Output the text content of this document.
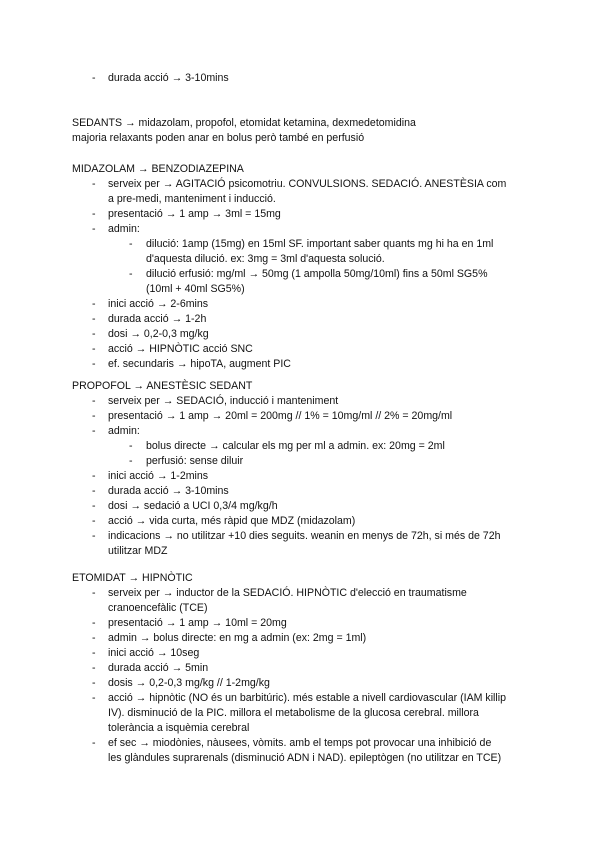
-	durada acció → 3-10mins
SEDANTS → midazolam, propofol, etomidat ketamina, dexmedetomidina
majoria relaxants poden anar en bolus però també en perfusió
MIDAZOLAM → BENZODIAZEPINA
-	serveix per → AGITACIÓ psicomotriu. CONVULSIONS. SEDACIÓ. ANESTÈSIA com
a pre-medi, manteniment i inducció.
-	presentació → 1 amp → 3ml = 15mg
-	admin:
-	dilució: 1amp (15mg) en 15ml SF. important saber quants mg hi ha en 1ml
d'aquesta dilució. ex: 3mg = 3ml d'aquesta solució.
-	dilució erfusió: mg/ml → 50mg (1 ampolla 50mg/10ml) fins a 50ml SG5%
(10ml + 40ml SG5%)
-	inici acció → 2-6mins
-	durada acció → 1-2h
-	dosi → 0,2-0,3 mg/kg
-	acció → HIPNÒTIC acció SNC
-	ef. secundaris → hipoTA, augment PIC
PROPOFOL → ANESTÈSIC SEDANT
-	serveix per → SEDACIÓ, inducció i manteniment
-	presentació → 1 amp → 20ml = 200mg // 1% = 10mg/ml // 2% = 20mg/ml
-	admin:
-	bolus directe → calcular els mg per ml a admin. ex: 20mg = 2ml
-	perfusió: sense diluir
-	inici acció → 1-2mins
-	durada acció → 3-10mins
-	dosi → sedació a UCI 0,3/4 mg/kg/h
-	acció → vida curta, més ràpid que MDZ (midazolam)
-	indicacions → no utilitzar +10 dies seguits. weanin en menys de 72h, si més de 72h
utilitzar MDZ
ETOMIDAT → HIPNÒTIC
-	serveix per → inductor de la SEDACIÓ. HIPNÒTIC d'elecció en traumatisme
cranoencefàlic (TCE)
-	presentació → 1 amp → 10ml = 20mg
-	admin → bolus directe: en mg a admin (ex: 2mg = 1ml)
-	inici acció → 10seg
-	durada acció → 5min
-	dosis → 0,2-0,3 mg/kg // 1-2mg/kg
-	acció → hipnòtic (NO és un barbitúric). més estable a nivell cardiovascular (IAM killip
IV). disminució de la PIC. millora el metabolisme de la glucosa cerebral. millora
tolerància a isquèmia cerebral
-	ef sec → miodònies, nàusees, vòmits. amb el temps pot provocar una inhibició de
les glàndules suprarenals (disminució ADN i NAD). epileptògen (no utilitzar en TCE)
